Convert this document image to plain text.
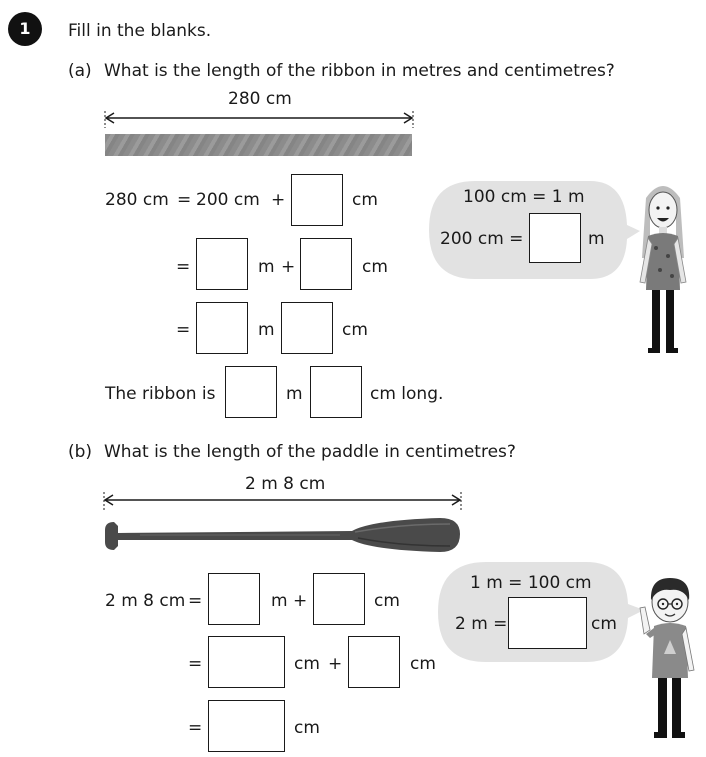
1	Fill in the blanks.
(a) What is the length of the ribbon in metres and centimetres?
280 cm
280 cm = 200 cm +	cm
=	m +	cm
=	m	cm
The ribbon is	m	cm long.
100 cm = 1 m
200 cm =	m
(b) What is the length of the paddle in centimetres?
2 m 8 cm
2 m 8 cm =	m +	cm
=	cm +	cm
=	cm
1 m = 100 cm
2 m =	cm
